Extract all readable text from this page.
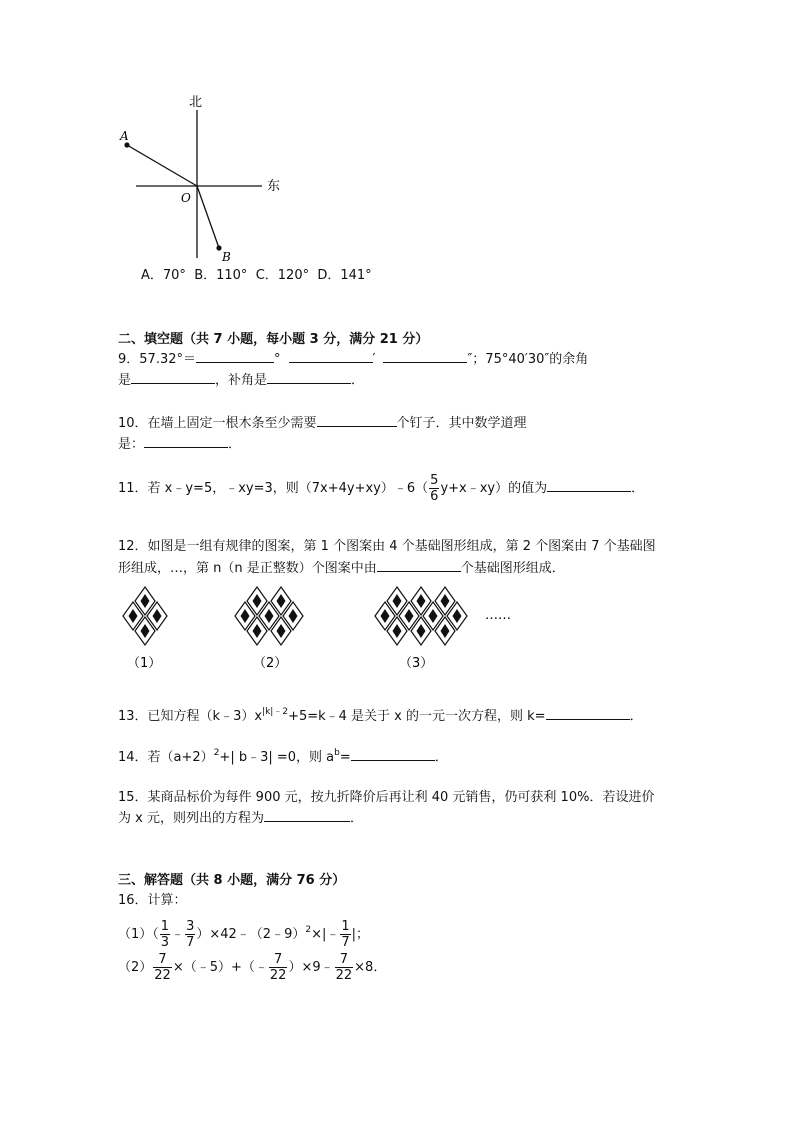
北
东
A
O
B
A．70°  B．110°  C．120°  D．141°
二、填空题（共 7 小题，每小题 3 分，满分 21 分）
9．57.32°＝	°	′	″；75°40′30″的余角
是	，补角是	．
10．在墙上固定一根木条至少需要	个钉子．其中数学道理
是：	．
11．若 x﹣y=5，﹣xy=3，则（7x+4y+xy）﹣6（ $\frac{5}{6}$ y+x﹣xy）的值为	．
12．如图是一组有规律的图案，第 1 个图案由 4 个基础图形组成，第 2 个图案由 7 个基础图
形组成，…，第 n（n 是正整数）个图案中由	个基础图形组成．
……
（1）	（2）	（3）
13．已知方程$(k﹣3)x^{|k|﹣2}+5=k﹣4$ 是关于 x 的一元一次方程，则 k=	．
14．若$(a+2)^2+|$ b﹣3| =0，则 $a^b=$	．
15．某商品标价为每件 900 元，按九折降价后再让利 40 元销售，仍可获利 10%．若设进价
为 x 元，则列出的方程为	．
三、解答题（共 8 小题，满分 76 分）
16．计算：
$(1)( \frac{1}{3}$ ﹣ $\frac{3}{7}$ ）×42﹣（2﹣9）$^2$×|﹣ $\frac{1}{7}$ |；
$(2) \frac{7}{22}$ ×（﹣5）+（﹣ $\frac{7}{22}$ ）×9﹣ $\frac{7}{22} \times 8$．
